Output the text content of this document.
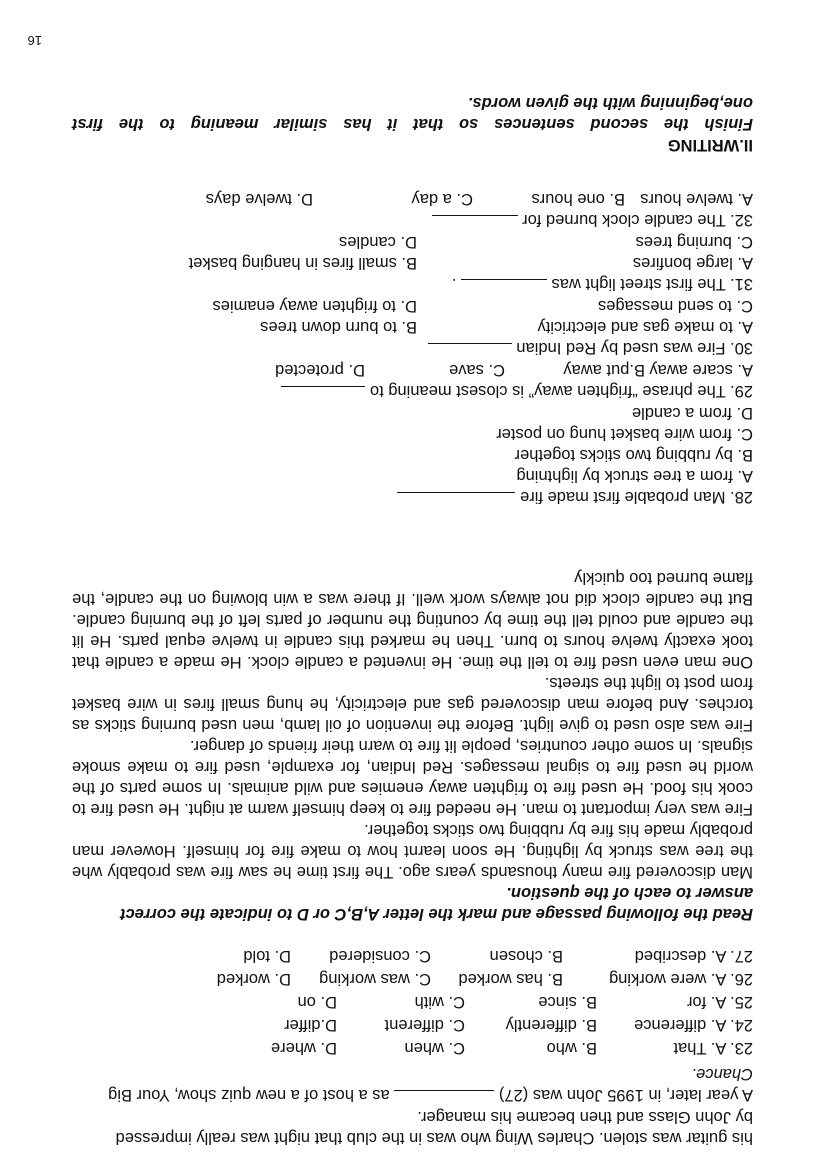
his guitar was stolen. Charles Wing who was in the club that night was really impressed
by John Glass and then became his manager.
A year later, in 1995 John was (27)  as a host of a new quiz show, Your Big
Chance.
23. A. That
B. who
C. when
D. where
24. A. difference
B. differently
C. different
D.differ
25. A. for
B. since
C. with
D. on
26. A. were working
B. has worked
C. was working
D. worked
27. A. described
B. chosen
C. considered
D. told
Read the following passage and mark the letter A,B,C or D to indicate the correct
answer to each of the question.

Man discovered fire many thousands years ago. The first time he saw fire was probably whe the tree was struck by lighting. He soon learnt how to make fire for himself. However man probably made his fire by rubbing two sticks together.

Fire was very important to man. He needed fire to keep himself warm at night. He used fire to cook his food. He used fire to frighten away enemies and wild animals. In some parts of the world he used fire to signal messages. Red Indian, for example, used fire to make smoke signals. In some other countries, people lit fire to warn their friends of danger.

Fire was also used to give light. Before the invention of oil lamb, men used burning sticks as torches. And before man discovered gas and electricity, he hung small fires in wire basket from post to light the streets.

One man even used fire to tell the time. He invented a candle clock. He made a candle that took exactly twelve hours to burn. Then he marked this candle in twelve equal parts. He lit the candle and could tell the time by counting the number of parts left of the burning candle. But the candle clock did not always work well. If there was a win blowing on the candle, the flame burned too quickly

28. Man probable first made fire
A. from a tree struck by lightning
B. by rubbing two sticks together
C. from wire basket hung on poster
D. from a candle
29. The phrase “frighten away” is closest meaning to
A. scare away
B.put away
C. save
D. protected
30. Fire was used by Red Indian
A. to make gas and electricity
B. to burn down trees
C. to send messages
D. to frighten away enamies
31. The first street light was  .
A. large bonfires
B. small fires in hanging basket
C. burning trees
D. candles
32. The candle clock burned for
A. twelve hours
B. one hours
C. a day
D. twelve days
II.WRITING
Finish the second sentences so that it has similar meaning to the first
one,beginning with the given words.
16
